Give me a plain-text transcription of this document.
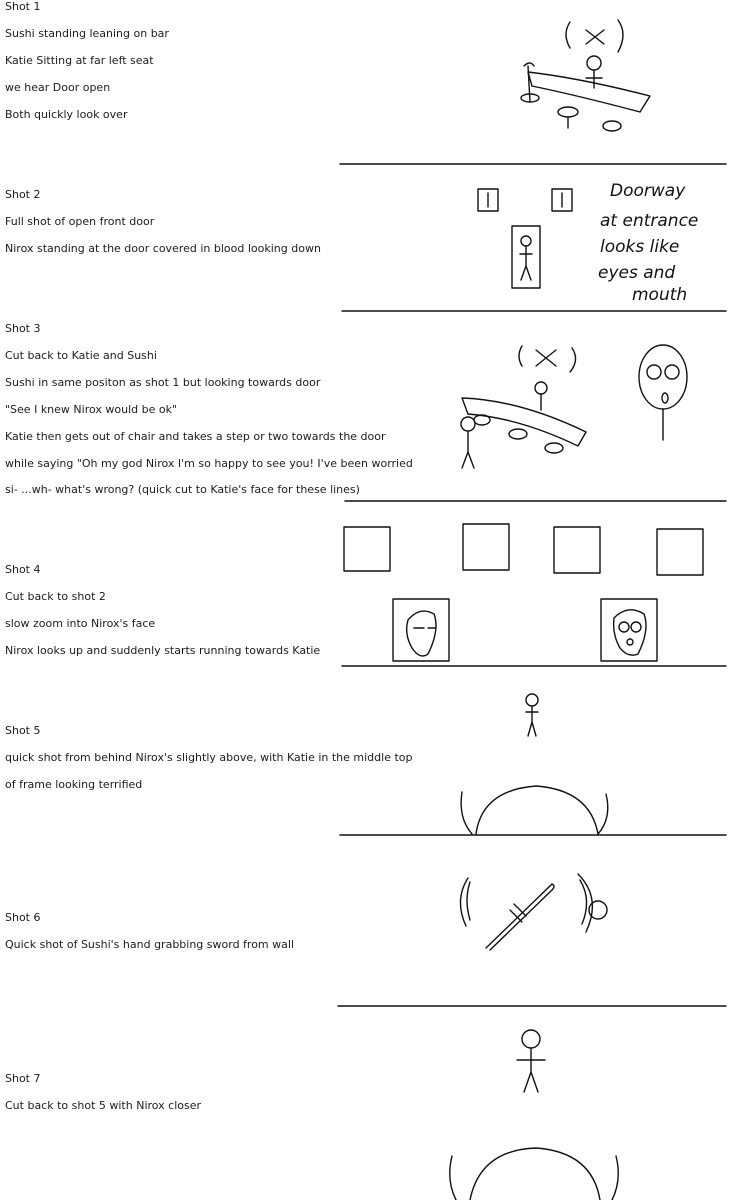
Shot 1
Sushi standing leaning on bar
Katie Sitting at far left seat
we hear Door open
Both quickly look over
Shot 2
Full shot of open front door
Nirox standing at the door covered in blood looking down
Shot 3
Cut back to Katie and Sushi
Sushi in same positon as shot 1 but looking towards door
"See I knew Nirox would be ok"
Katie then gets out of chair and takes a step or two towards the door
while saying "Oh my god Nirox I'm so happy to see you! I've been worried
si- ...wh- what's wrong? (quick cut to Katie's face for these lines)
Shot 4
Cut back to shot 2
slow zoom into Nirox's face
Nirox looks up and suddenly starts running towards Katie
Shot 5
quick shot from behind Nirox's slightly above, with Katie in the middle top
of frame looking terrified
Shot 6
Quick shot of Sushi's hand grabbing sword from wall
Shot 7
Cut back to shot 5 with Nirox closer
Doorway
at entrance
looks like
eyes and
mouth
